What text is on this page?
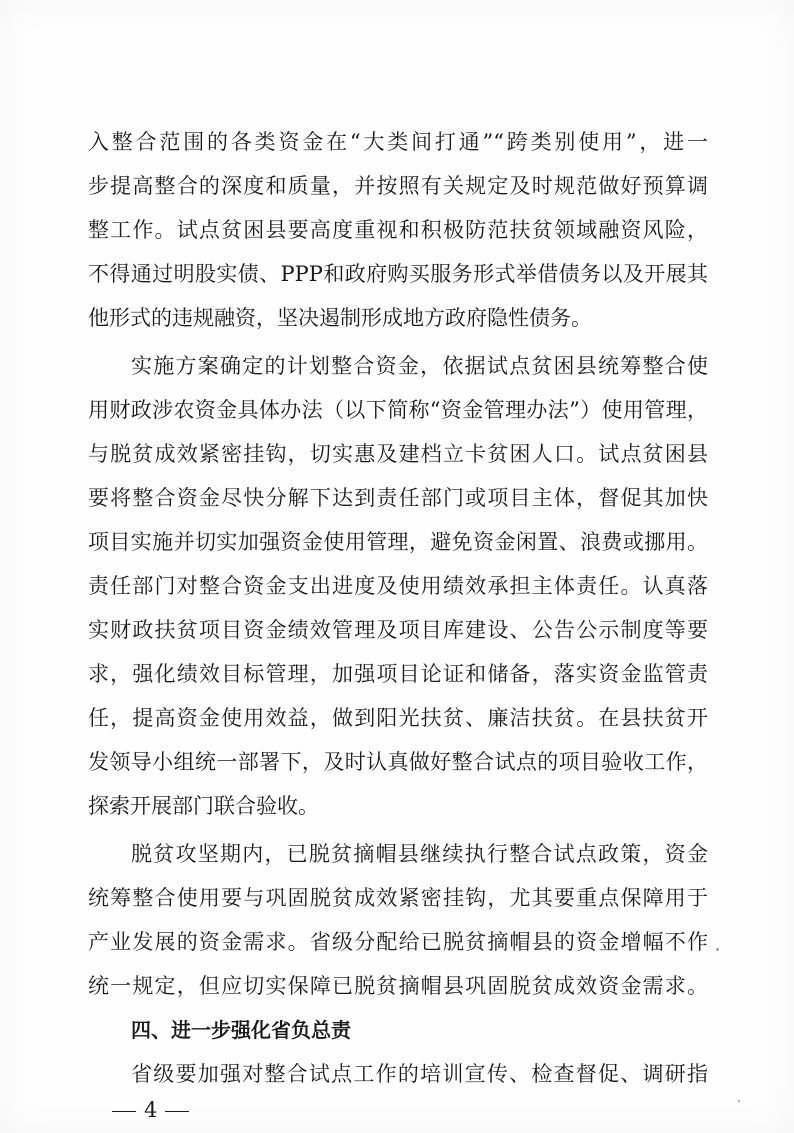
入整合范围的各类资金在“大类间打通”“跨类别使用”，进一
步提高整合的深度和质量，并按照有关规定及时规范做好预算调
整工作。试点贫困县要高度重视和积极防范扶贫领域融资风险，
不得通过明股实债、PPP和政府购买服务形式举借债务以及开展其
他形式的违规融资，坚决遏制形成地方政府隐性债务。
实施方案确定的计划整合资金，依据试点贫困县统筹整合使
用财政涉农资金具体办法（以下简称“资金管理办法”）使用管理，
与脱贫成效紧密挂钩，切实惠及建档立卡贫困人口。试点贫困县
要将整合资金尽快分解下达到责任部门或项目主体，督促其加快
项目实施并切实加强资金使用管理，避免资金闲置、浪费或挪用。
责任部门对整合资金支出进度及使用绩效承担主体责任。认真落
实财政扶贫项目资金绩效管理及项目库建设、公告公示制度等要
求，强化绩效目标管理，加强项目论证和储备，落实资金监管责
任，提高资金使用效益，做到阳光扶贫、廉洁扶贫。在县扶贫开
发领导小组统一部署下，及时认真做好整合试点的项目验收工作，
探索开展部门联合验收。
脱贫攻坚期内，已脱贫摘帽县继续执行整合试点政策，资金
统筹整合使用要与巩固脱贫成效紧密挂钩，尤其要重点保障用于
产业发展的资金需求。省级分配给已脱贫摘帽县的资金增幅不作
统一规定，但应切实保障已脱贫摘帽县巩固脱贫成效资金需求。
四、进一步强化省负总责
省级要加强对整合试点工作的培训宣传、检查督促、调研指
4
